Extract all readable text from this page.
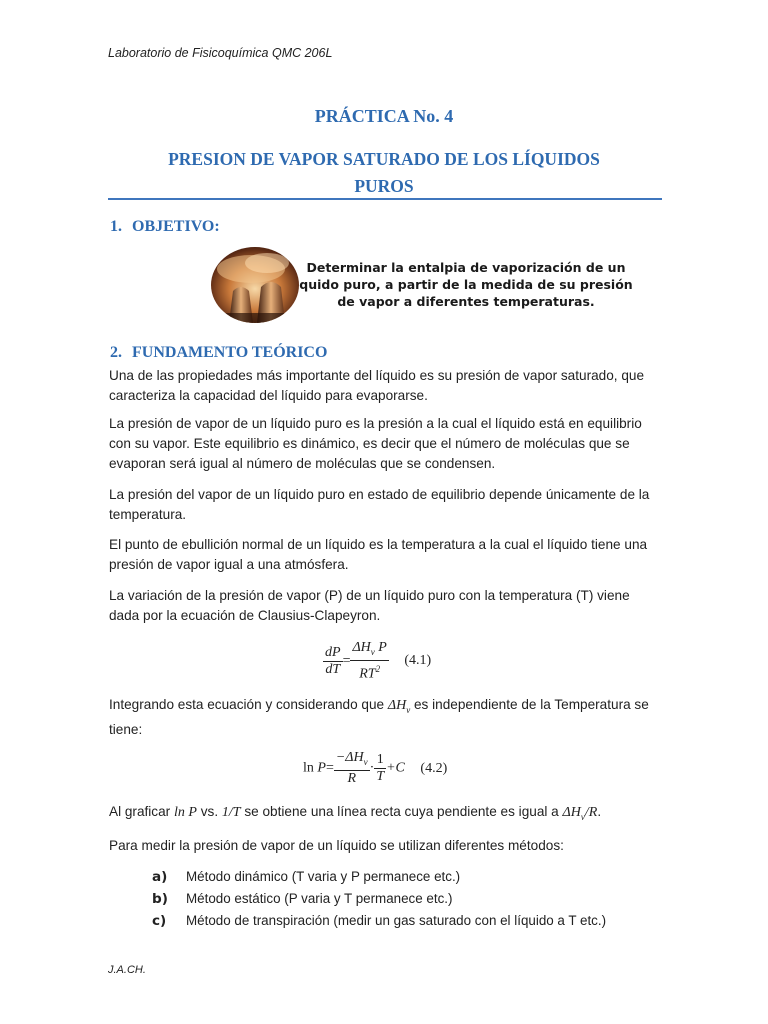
Laboratorio de Fisicoquímica QMC 206L
PRÁCTICA No. 4
PRESION DE VAPOR SATURADO DE LOS LÍQUIDOS
PUROS
1. OBJETIVO:
Determinar la entalpia de vaporización de un
quido puro, a partir de la medida de su presión
de vapor a diferentes temperaturas.
2. FUNDAMENTO TEÓRICO
Una de las propiedades más importante del líquido es su presión de vapor saturado, que caracteriza la capacidad del líquido para evaporarse.
La presión de vapor de un líquido puro es la presión a la cual el líquido está en equilibrio con su vapor. Este equilibrio es dinámico, es decir que el número de moléculas que se evaporan será igual al número de moléculas que se condensen.
La presión del vapor de un líquido puro en estado de equilibrio depende únicamente de la temperatura.
El punto de ebullición normal de un líquido es la temperatura a la cual el líquido tiene una presión de vapor igual a una atmósfera.
La variación de la presión de vapor (P) de un líquido puro con la temperatura (T) viene dada por la ecuación de Clausius-Clapeyron.
$\frac{dP}{dT} = \frac{\Delta H_v P}{RT^2} (4.1)$
Integrando esta ecuación y considerando que $\Delta H_v$ es independiente de la Temperatura se tiene:
$\ln P= \frac{-\Delta H_v}{R} \cdot \frac{1}{T} +C$ (4.2)
Al graficar ln P vs. 1/T se obtiene una línea recta cuya pendiente es igual a $\Delta H_v/R$.
Para medir la presión de vapor de un líquido se utilizan diferentes métodos:
a) Método dinámico (T varia y P permanece etc.)
b) Método estático (P varia y T permanece etc.)
c) Método de transpiración (medir un gas saturado con el líquido a T etc.)
J.A.CH.
